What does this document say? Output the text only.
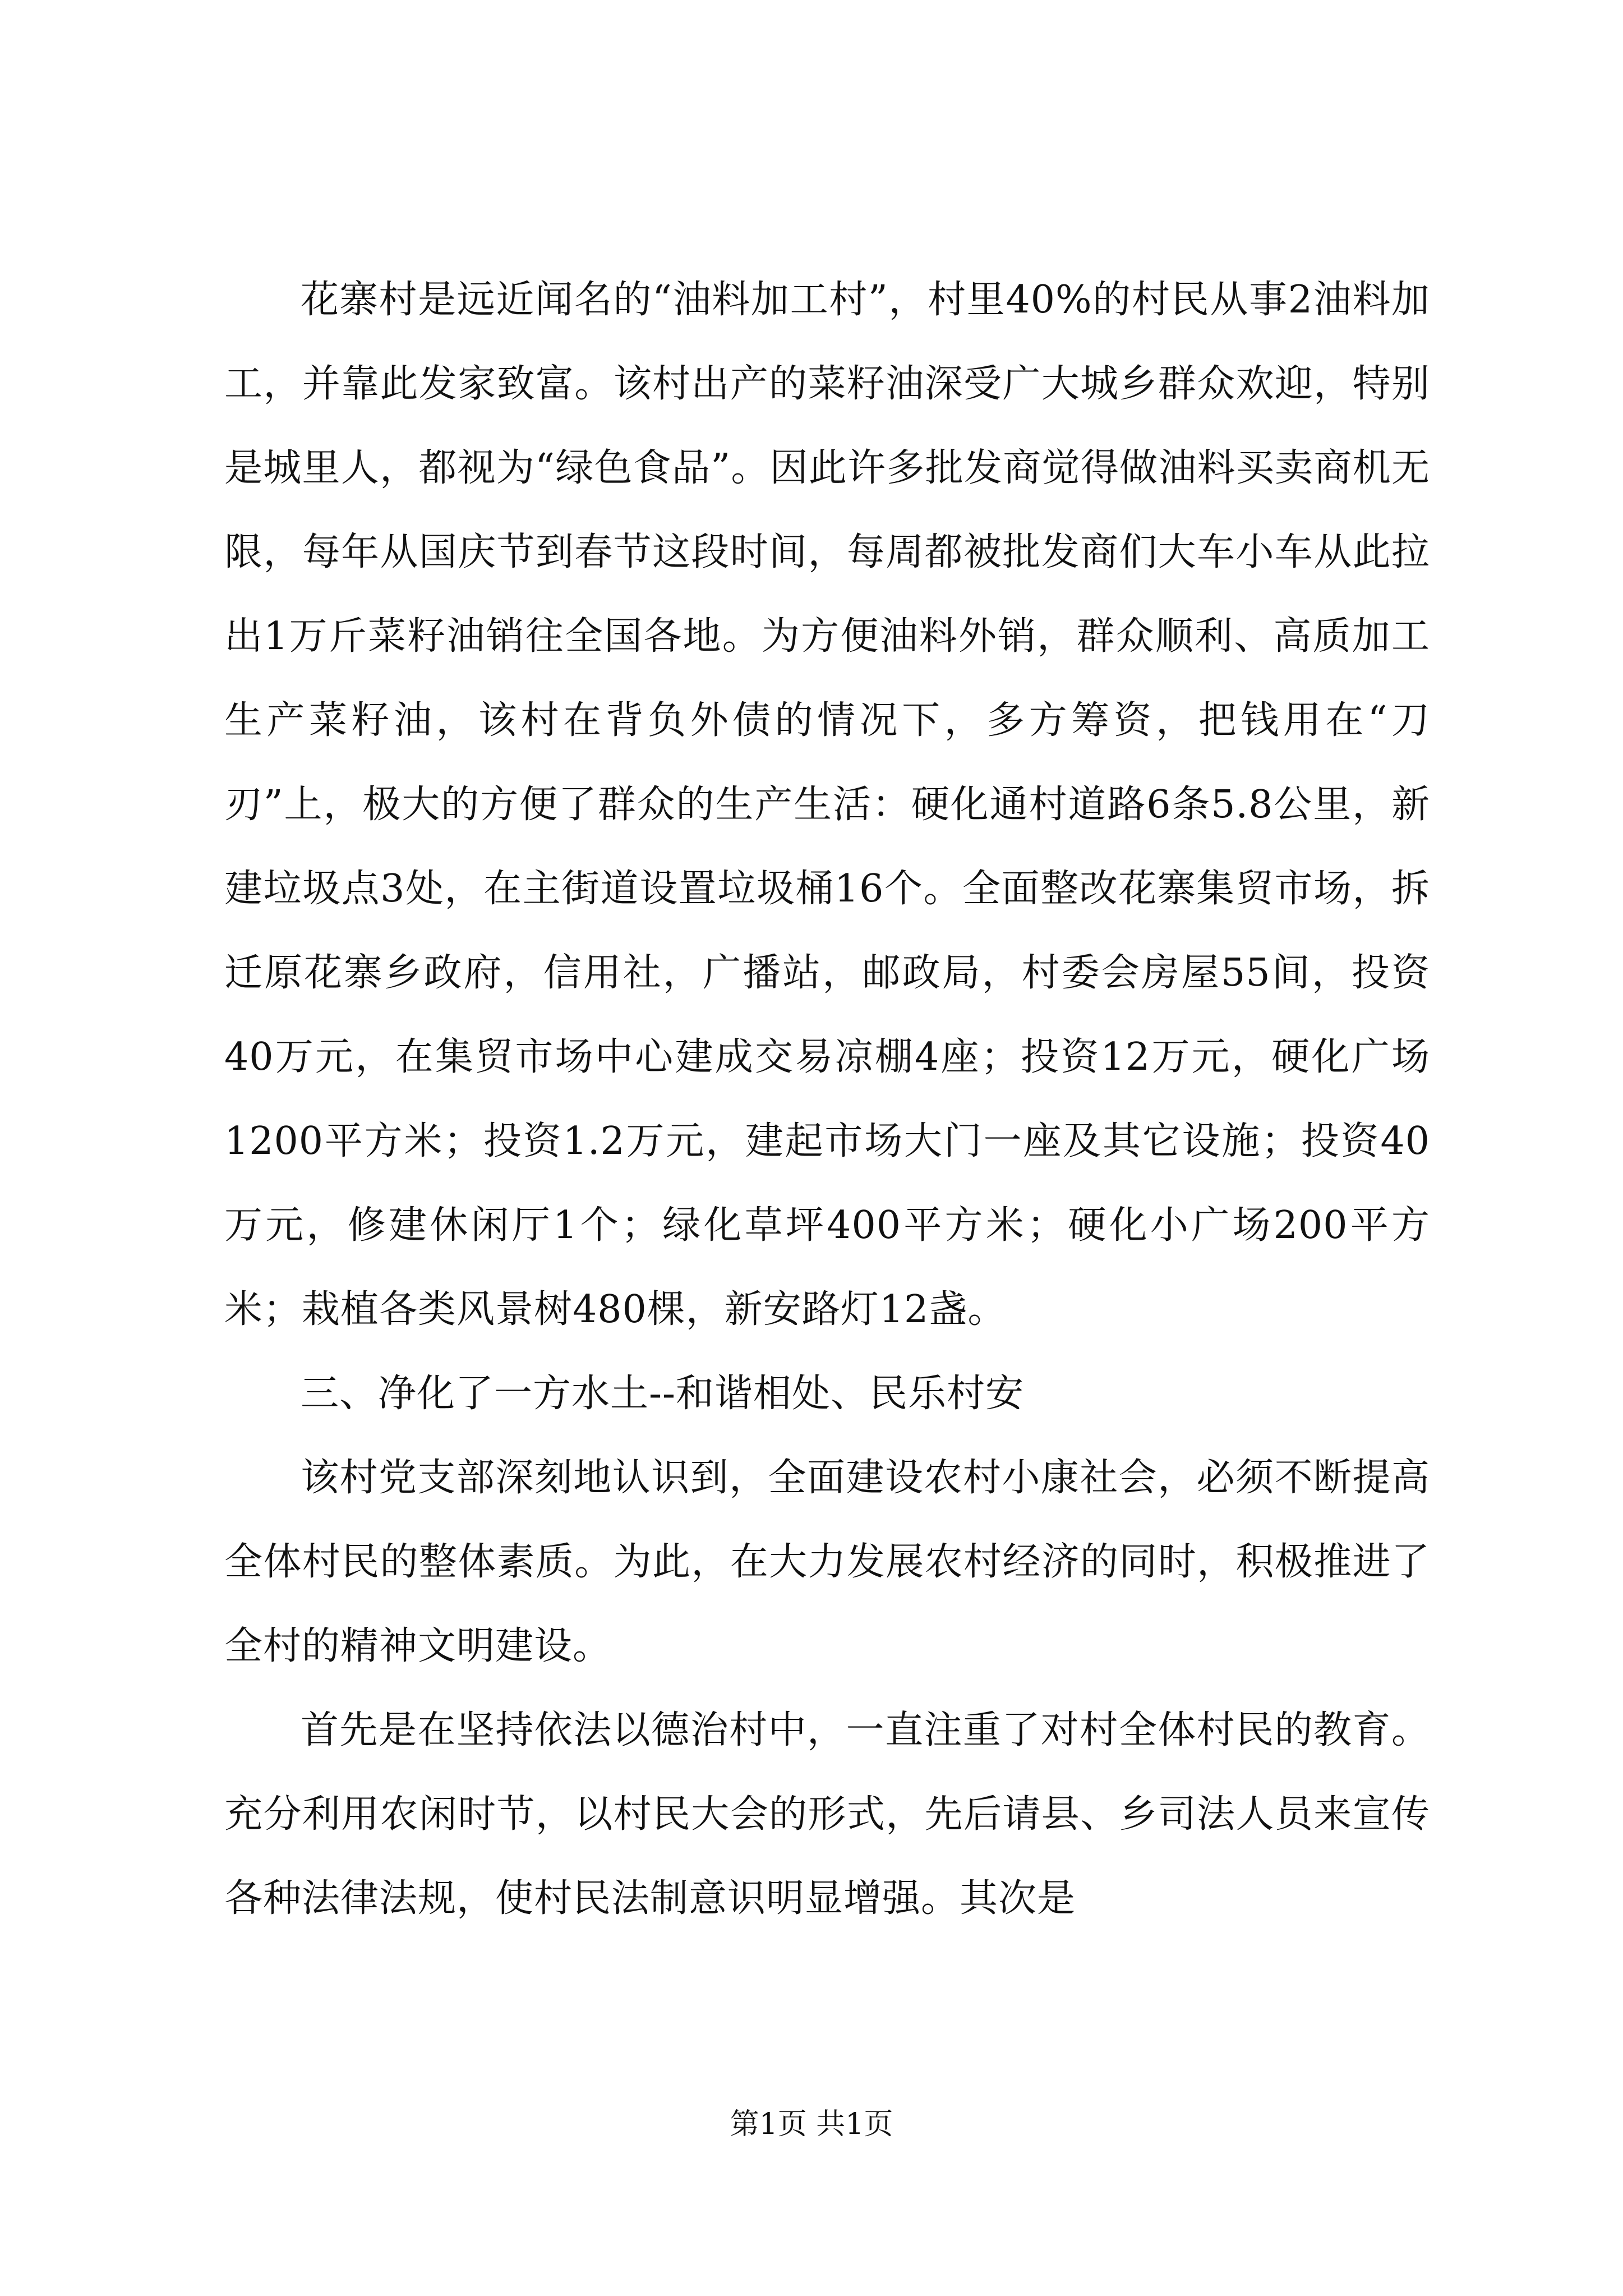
花寨村是远近闻名的“油料加工村”，村里40%的村民从事2油料加工，并靠此发家致富。该村出产的菜籽油深受广大城乡群众欢迎，特别是城里人，都视为“绿色食品”。因此许多批发商觉得做油料买卖商机无限，每年从国庆节到春节这段时间，每周都被批发商们大车小车从此拉出1万斤菜籽油销往全国各地。为方便油料外销，群众顺利、高质加工生产菜籽油，该村在背负外债的情况下，多方筹资，把钱用在“刀刃”上，极大的方便了群众的生产生活：硬化通村道路6条5.8公里，新建垃圾点3处，在主街道设置垃圾桶16个。全面整改花寨集贸市场，拆迁原花寨乡政府，信用社，广播站，邮政局，村委会房屋55间，投资40万元，在集贸市场中心建成交易凉棚4座；投资12万元，硬化广场1200平方米；投资1.2万元，建起市场大门一座及其它设施；投资40万元，修建休闲厅1个；绿化草坪400平方米；硬化小广场200平方米；栽植各类风景树480棵，新安路灯12盏。

三、净化了一方水土--和谐相处、民乐村安

该村党支部深刻地认识到，全面建设农村小康社会，必须不断提高全体村民的整体素质。为此，在大力发展农村经济的同时，积极推进了全村的精神文明建设。

首先是在坚持依法以德治村中，一直注重了对村全体村民的教育。充分利用农闲时节，以村民大会的形式，先后请县、乡司法人员来宣传各种法律法规，使村民法制意识明显增强。其次是

第1页 共1页
